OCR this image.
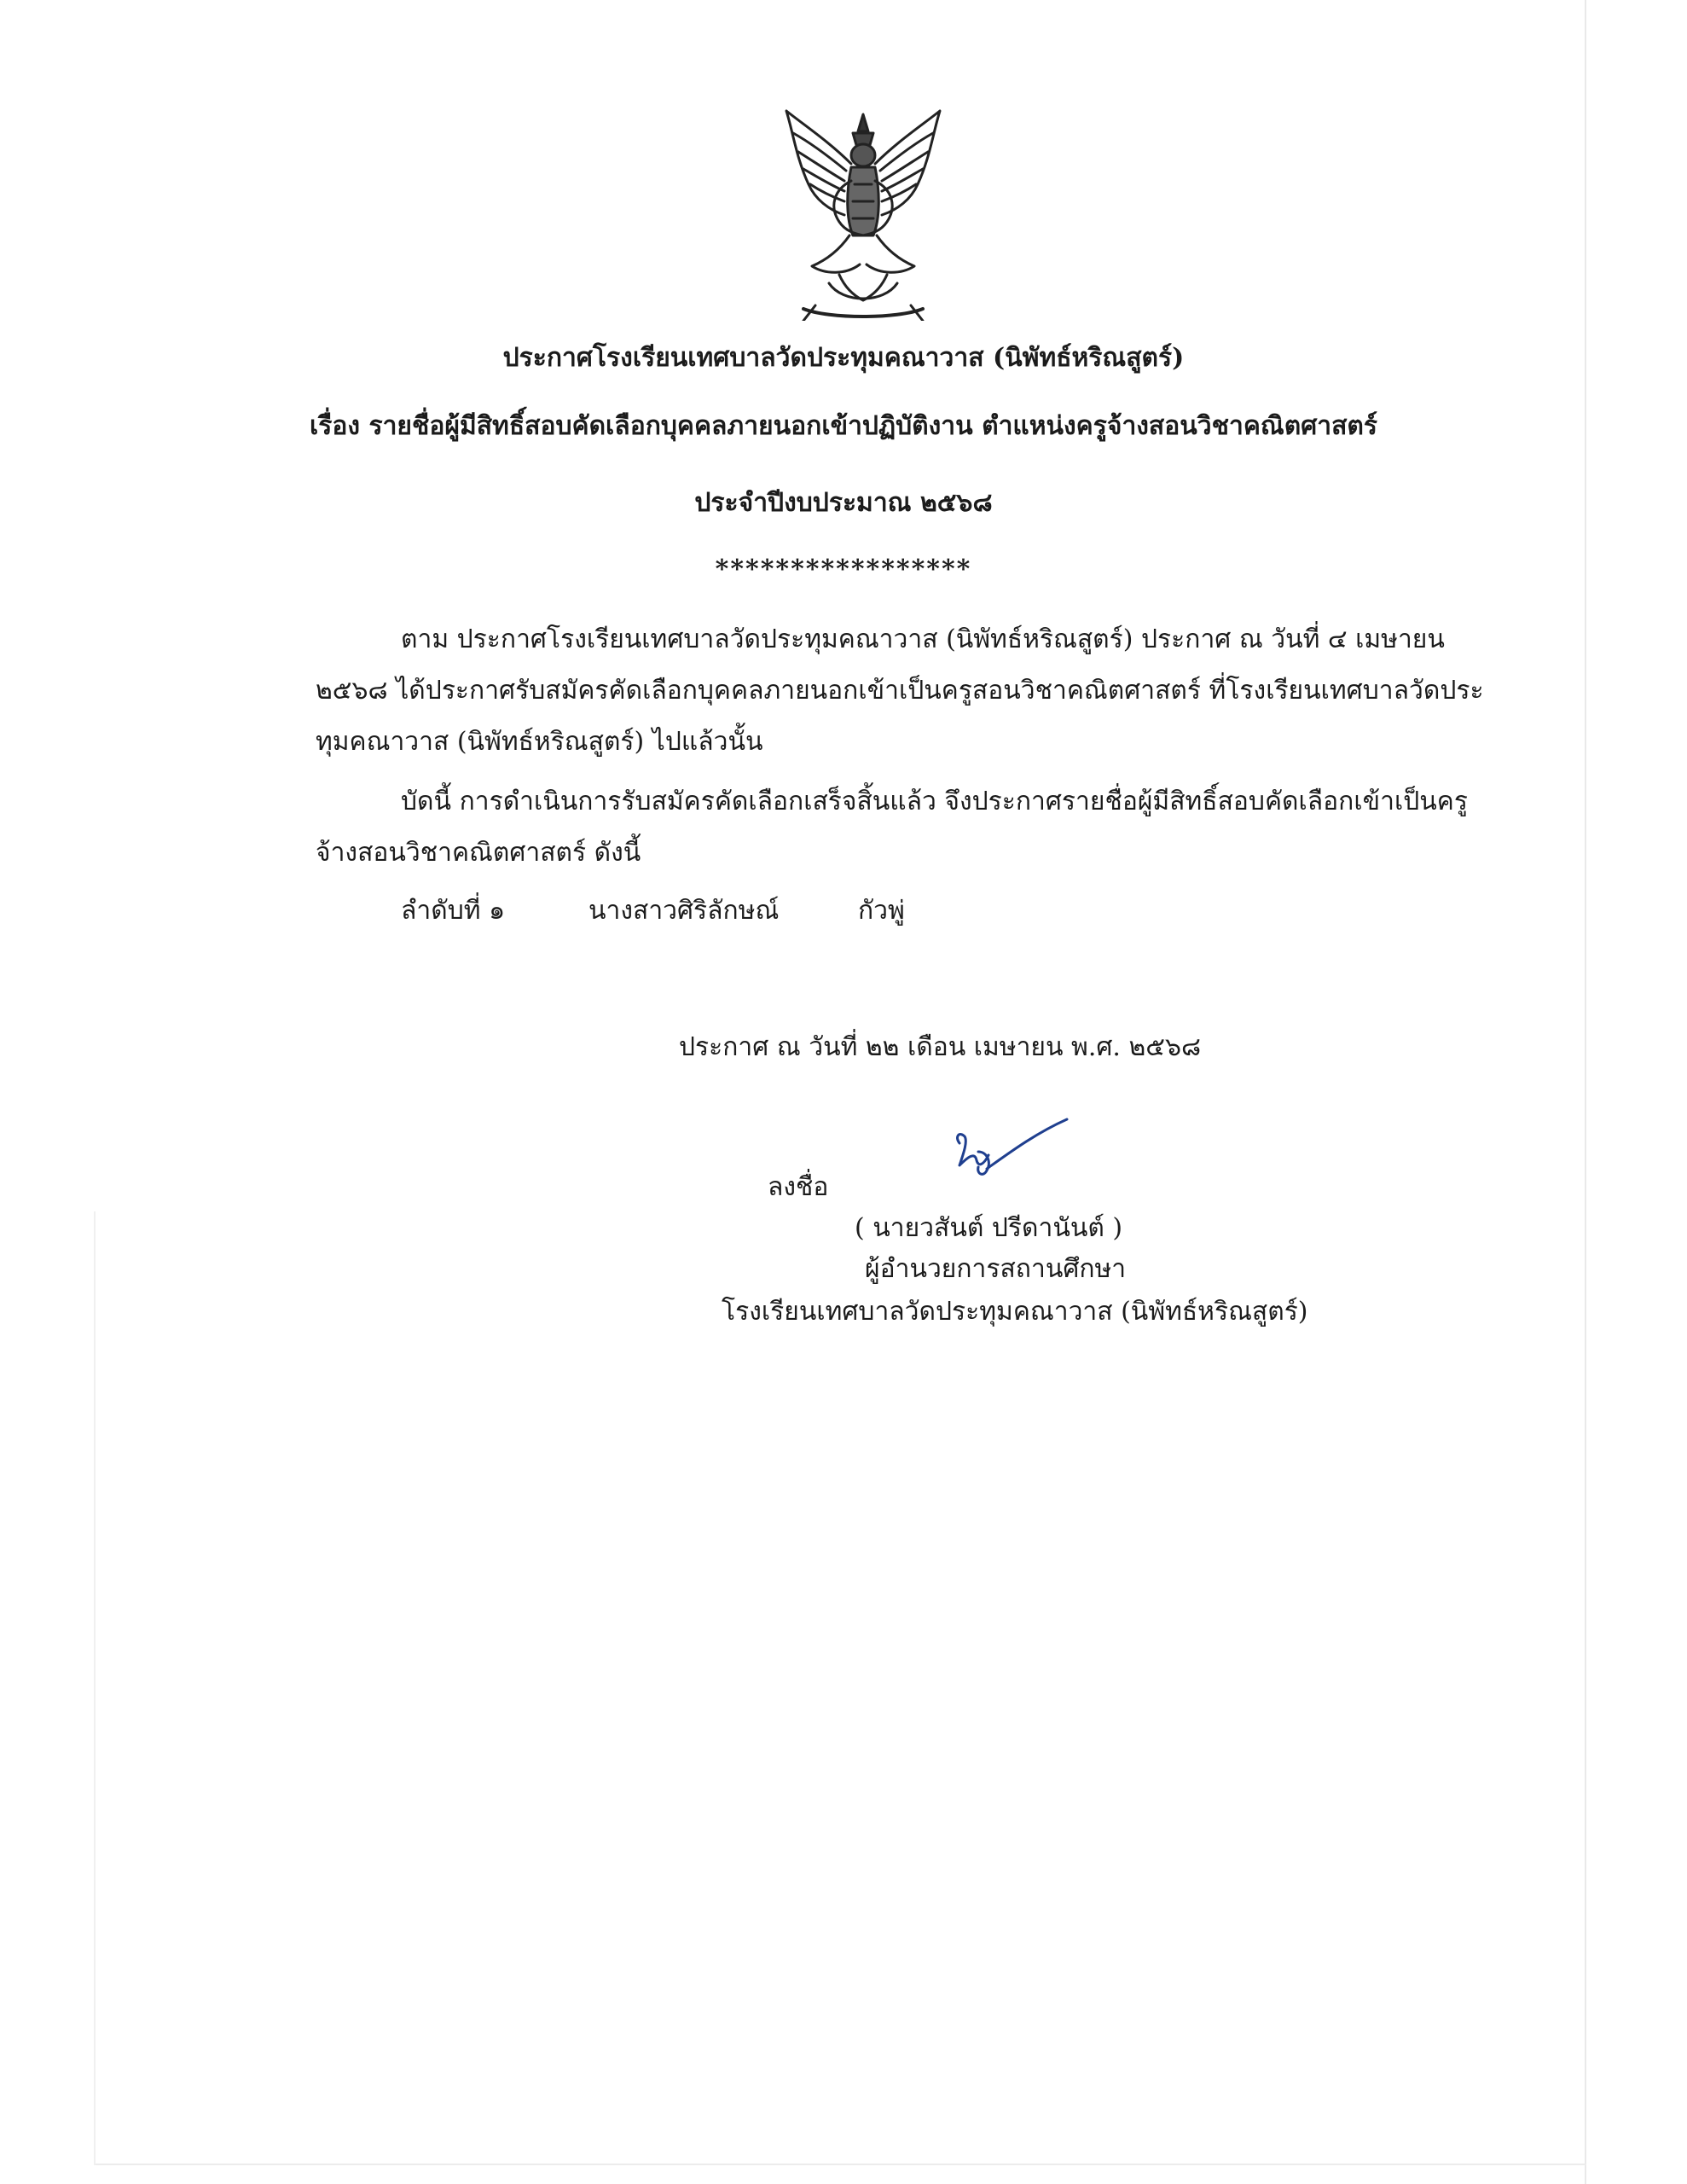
ประกาศโรงเรียนเทศบาลวัดประทุมคณาวาส (นิพัทธ์หริณสูตร์)
เรื่อง รายชื่อผู้มีสิทธิ์สอบคัดเลือกบุคคลภายนอกเข้าปฏิบัติงาน ตำแหน่งครูจ้างสอนวิชาคณิตศาสตร์
ประจำปีงบประมาณ ๒๕๖๘
*****************
ตาม ประกาศโรงเรียนเทศบาลวัดประทุมคณาวาส (นิพัทธ์หริณสูตร์) ประกาศ ณ วันที่ ๔ เมษายน
๒๕๖๘ ได้ประกาศรับสมัครคัดเลือกบุคคลภายนอกเข้าเป็นครูสอนวิชาคณิตศาสตร์ ที่โรงเรียนเทศบาลวัดประ
ทุมคณาวาส (นิพัทธ์หริณสูตร์) ไปแล้วนั้น
บัดนี้ การดำเนินการรับสมัครคัดเลือกเสร็จสิ้นแล้ว จึงประกาศรายชื่อผู้มีสิทธิ์สอบคัดเลือกเข้าเป็นครู
จ้างสอนวิชาคณิตศาสตร์ ดังนี้
ลำดับที่ ๑	นางสาวศิริลักษณ์	กัวพู่
ประกาศ ณ วันที่ ๒๒ เดือน เมษายน พ.ศ. ๒๕๖๘
ลงชื่อ
( นายวสันต์ ปรีดานันต์ )
ผู้อำนวยการสถานศึกษา
โรงเรียนเทศบาลวัดประทุมคณาวาส (นิพัทธ์หริณสูตร์)
